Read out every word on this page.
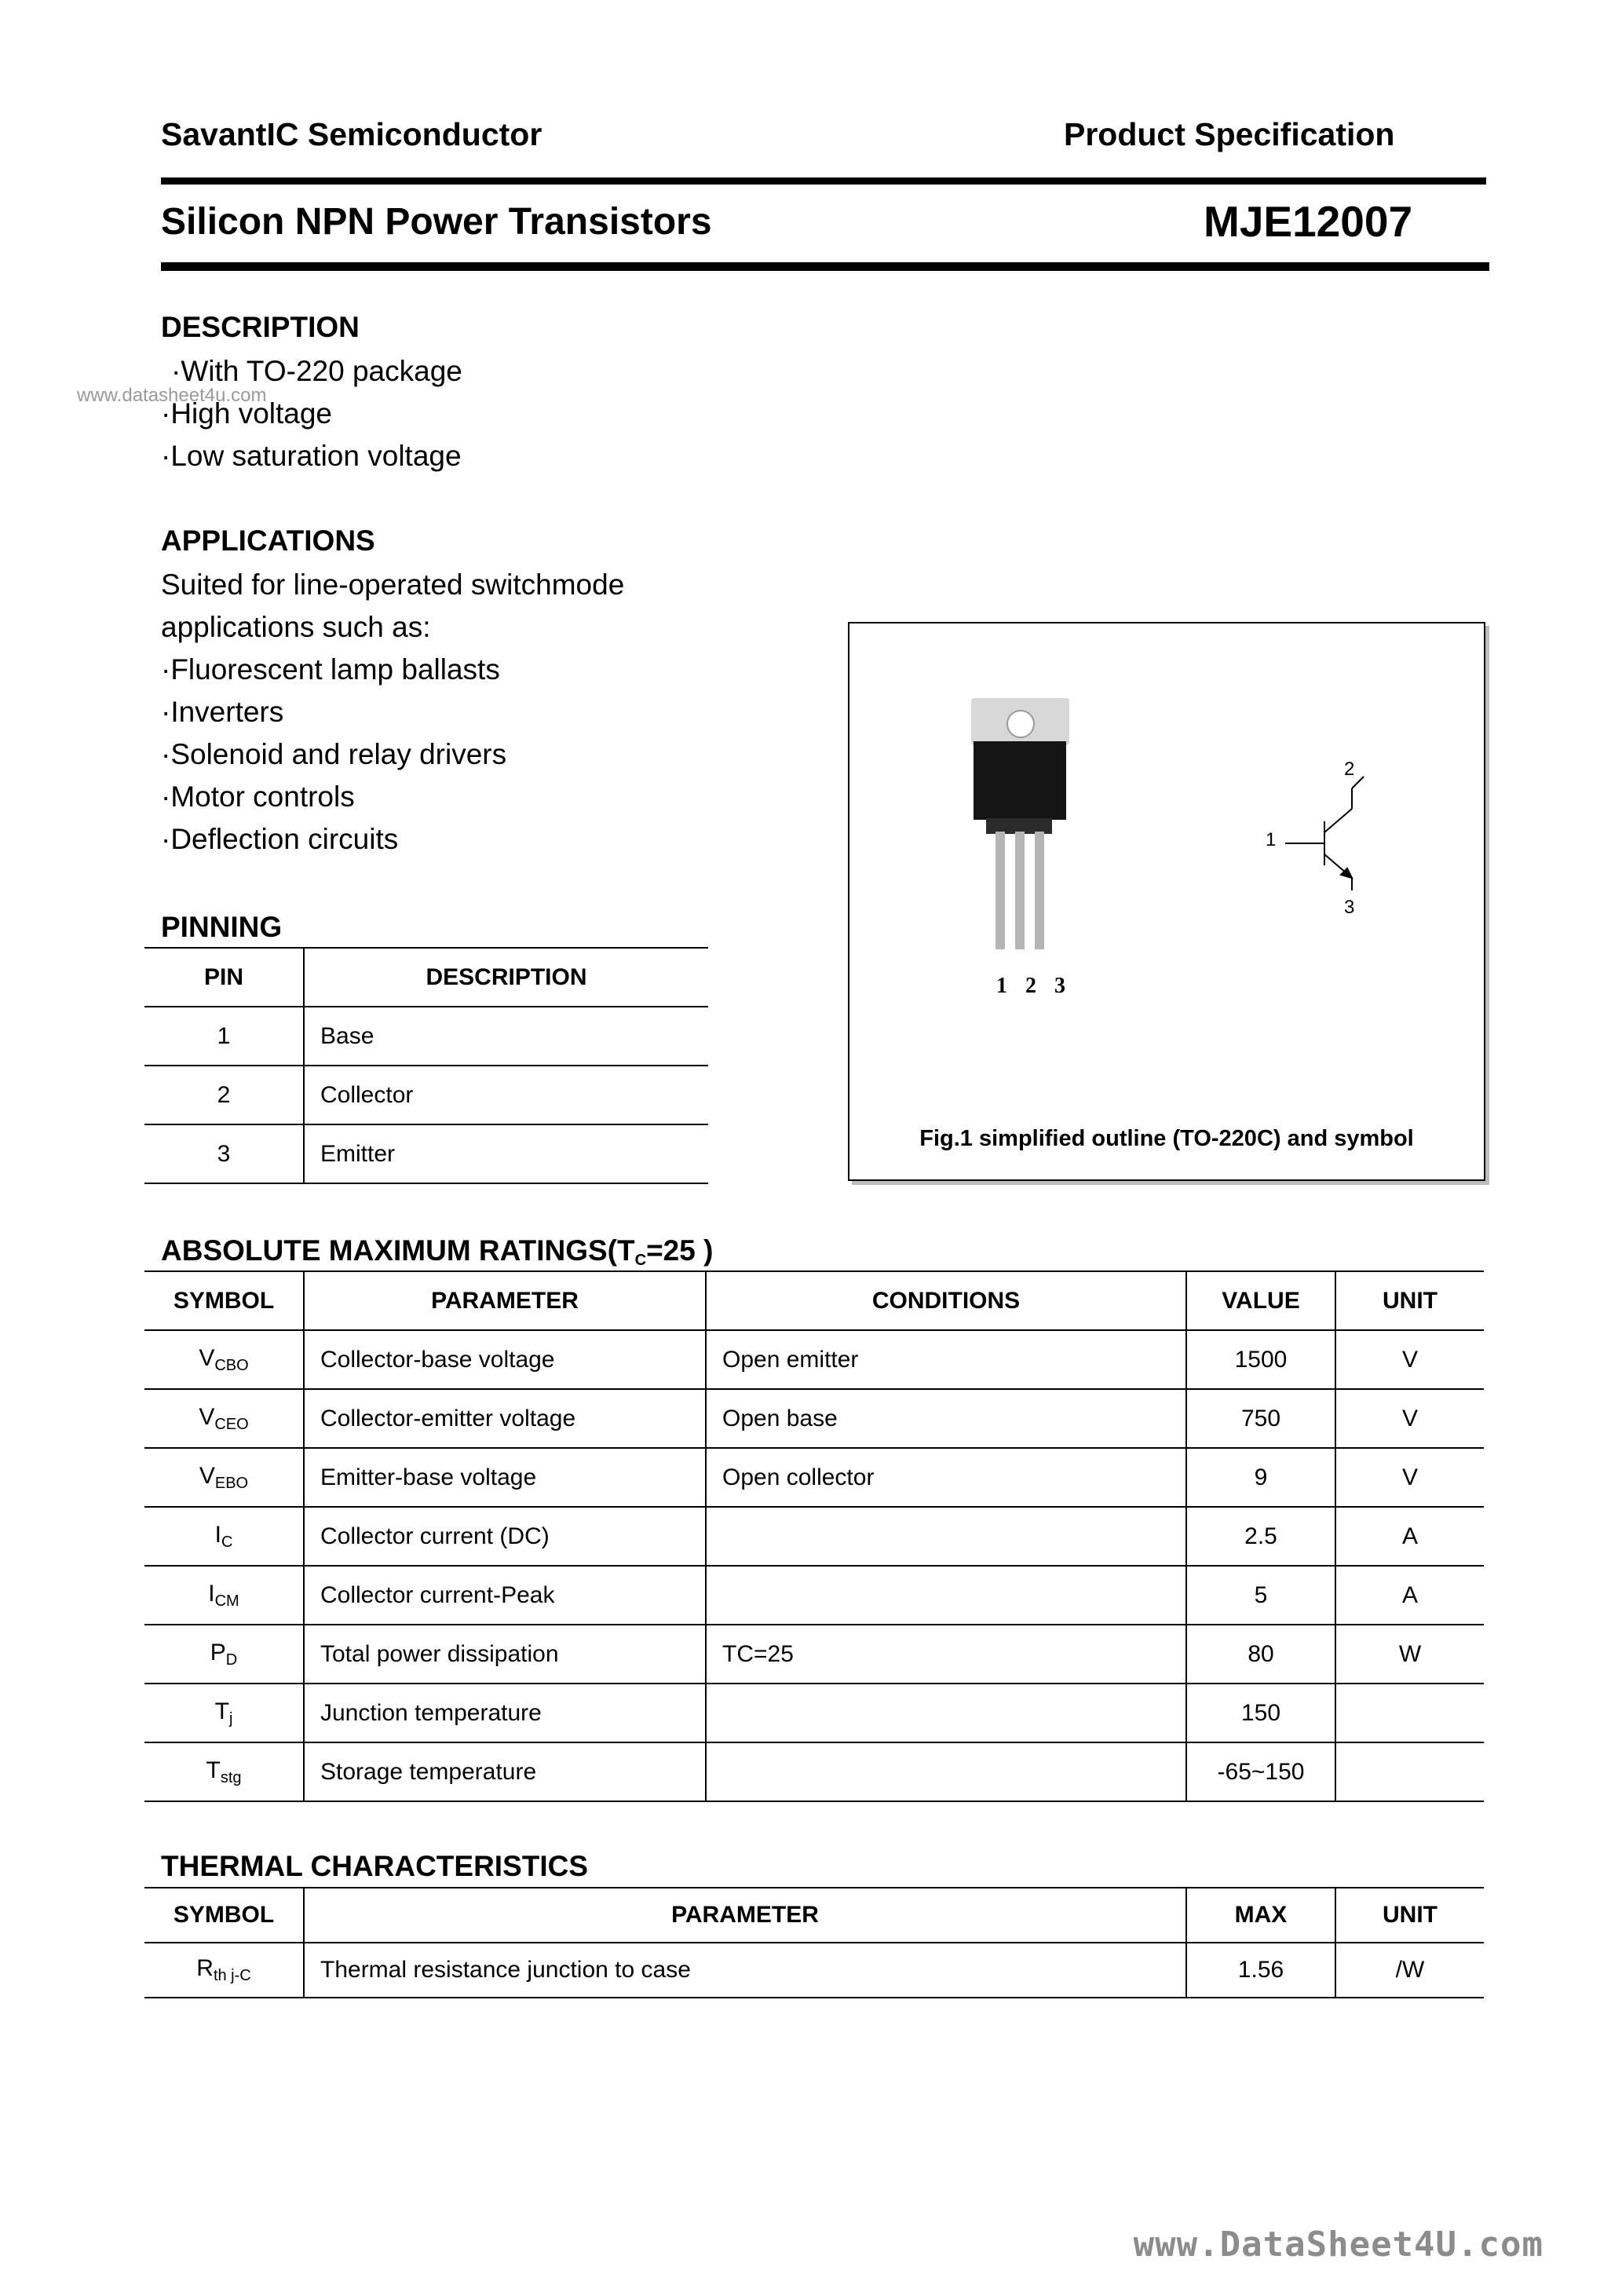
SavantIC Semiconductor	Product Specification
Silicon NPN Power Transistors	MJE12007
DESCRIPTION
·With TO-220 package
·High voltage
·Low saturation voltage
www.datasheet4u.com
APPLICATIONS
Suited for line-operated switchmode
applications such as:
·Fluorescent lamp ballasts
·Inverters
·Solenoid and relay drivers
·Motor controls
·Deflection circuits
PINNING
PIN	DESCRIPTION
1	Base
2	Collector
3	Emitter
1 2 3
1
2
3
Fig.1 simplified outline (TO-220C) and symbol
ABSOLUTE MAXIMUM $RATINGS(T_C=25$ )
SYMBOL	PARAMETER	CONDITIONS	VALUE	UNIT
$V_{CBO}$	Collector-base voltage	Open emitter	1500	V
$V_{CEO}$	Collector-emitter voltage	Open base	750	V
$V_{EBO}$	Emitter-base voltage	Open collector	9	V
$I_C$	Collector current (DC)		2.5	A
$I_{CM}$	Collector current-Peak		5	A
$P_D$	Total power dissipation	TC=25	80	W
$T_j$	Junction temperature		150	
$T_{stg}$	Storage temperature		-65~150	
THERMAL CHARACTERISTICS
SYMBOL	PARAMETER	MAX	UNIT
$R_{th j-C}$	Thermal resistance junction to case	1.56	/W
www.DataSheet4U.com
